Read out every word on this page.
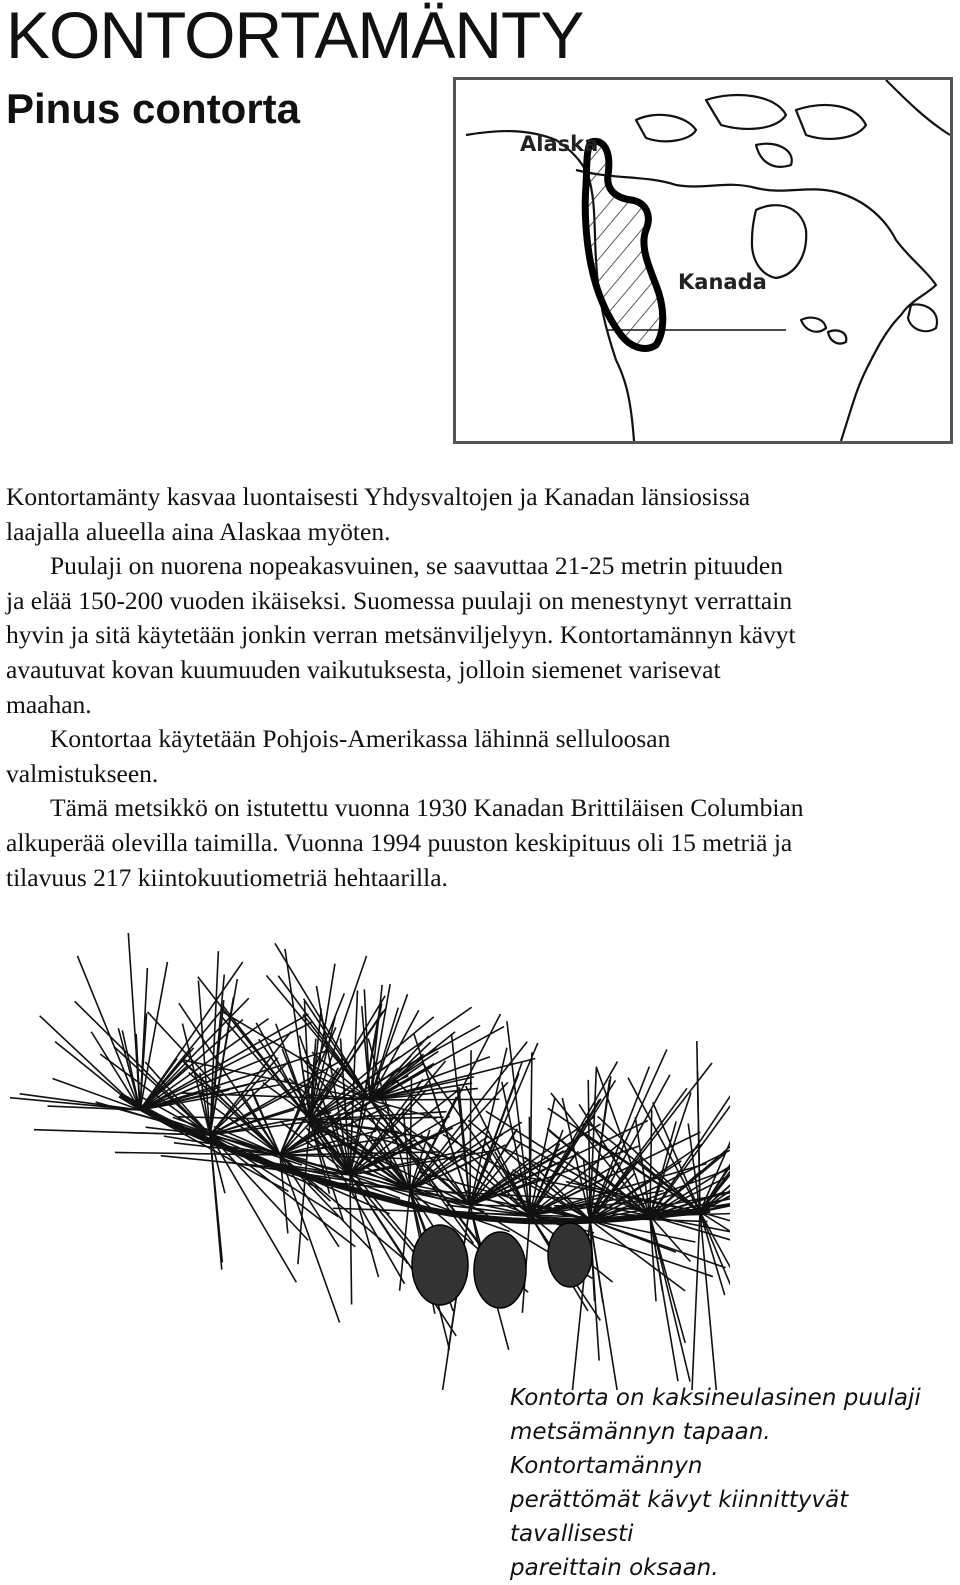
KONTORTAMÄNTY
Pinus contorta
Alaska
Kanada

Kontortamänty kasvaa luontaisesti Yhdysvaltojen ja Kanadan länsiosissa laajalla alueella aina Alaskaa myöten.

Puulaji on nuorena nopeakasvuinen, se saavuttaa 21-25 metrin pituuden ja elää 150-200 vuoden ikäiseksi. Suomessa puulaji on menestynyt verrattain hyvin ja sitä käytetään jonkin verran metsänviljelyyn. Kontortamännyn kävyt avautuvat kovan kuumuuden vaikutuksesta, jolloin siemenet varisevat maahan.

Kontortaa käytetään Pohjois-Amerikassa lähinnä selluloosan valmistukseen.

Tämä metsikkö on istutettu vuonna 1930 Kanadan Brittiläisen Columbian alkuperää olevilla taimilla. Vuonna 1994 puuston keskipituus oli 15 metriä ja tilavuus 217 kiintokuutiometriä hehtaarilla.

Kontorta on kaksineulasinen puulaji

metsämännyn tapaan. Kontortamännyn

perättömät kävyt kiinnittyvät tavallisesti

pareittain oksaan.
